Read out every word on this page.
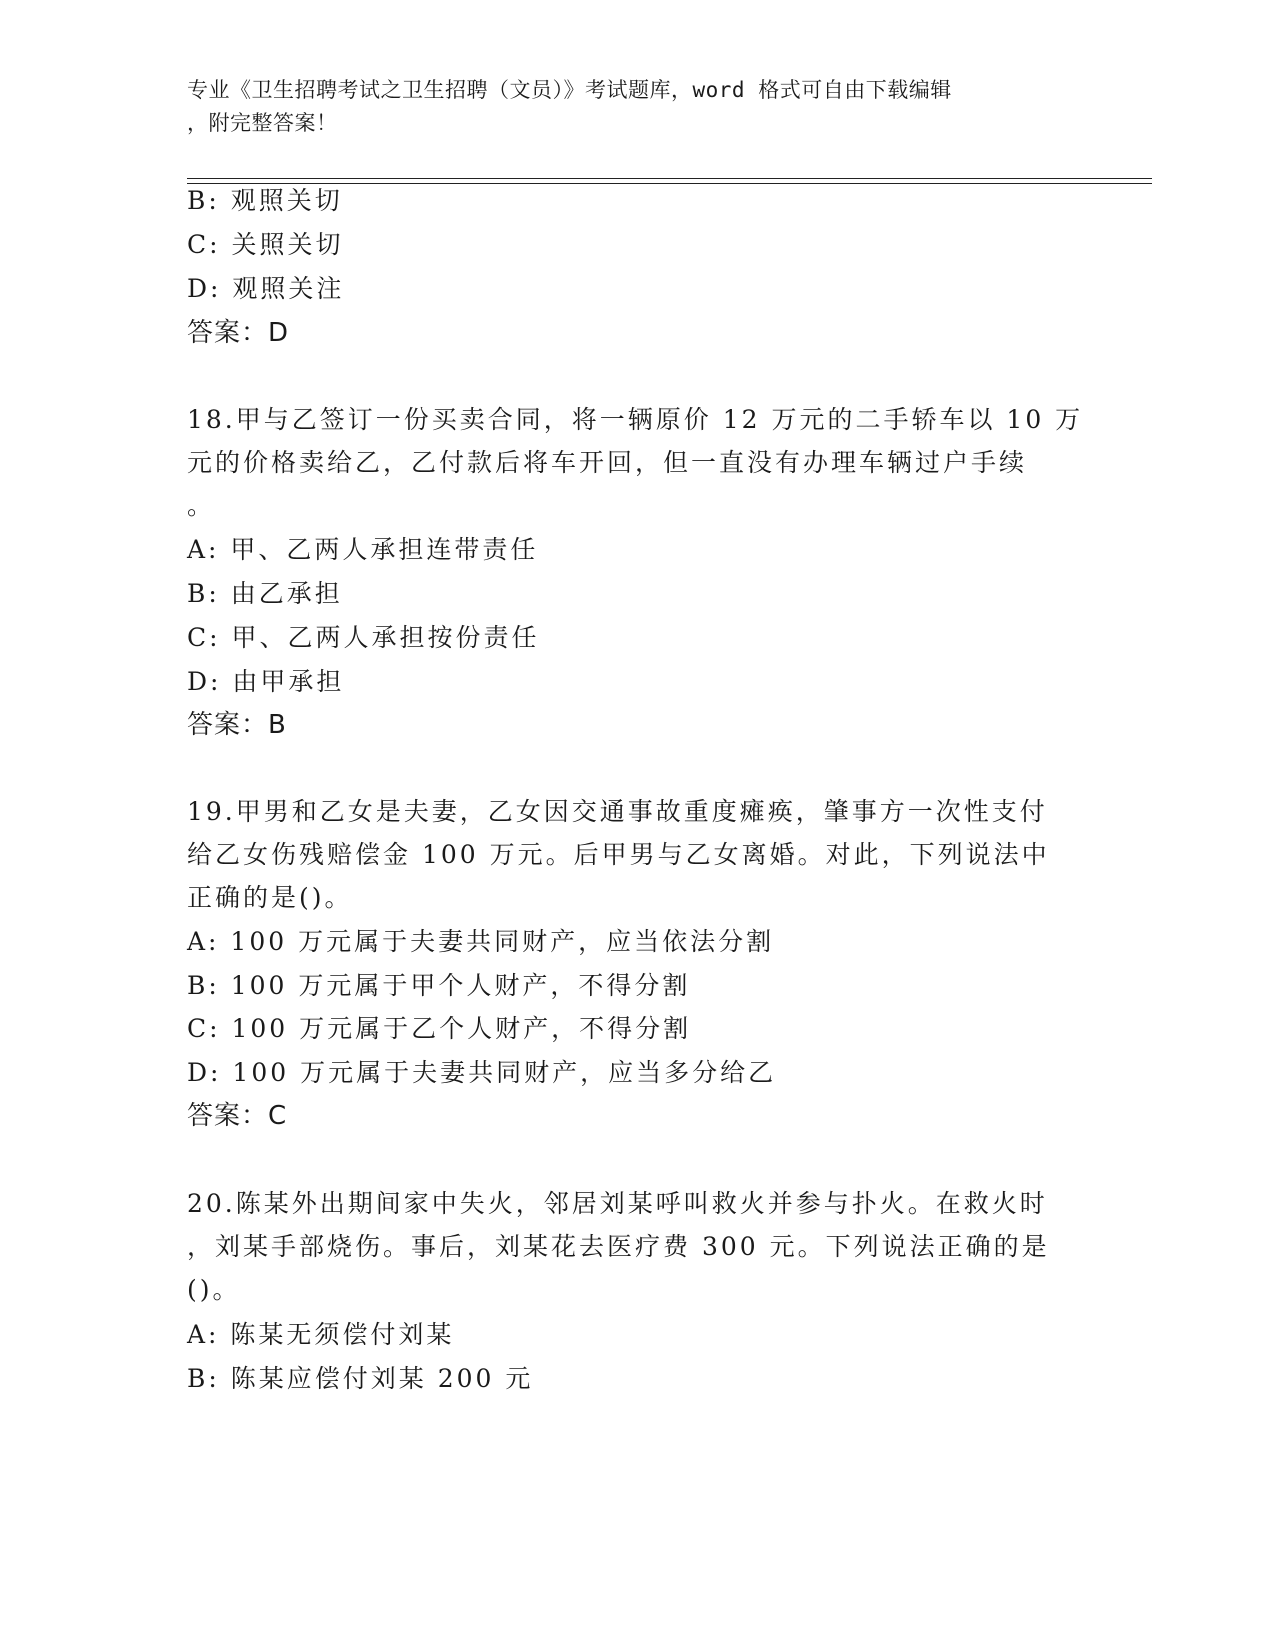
专业《卫生招聘考试之卫生招聘（文员）》考试题库，word 格式可自由下载编辑
，附完整答案！
B: 观照关切
C: 关照关切
D: 观照关注
答案：D
18.甲与乙签订一份买卖合同，将一辆原价 12 万元的二手轿车以 10 万
元的价格卖给乙，乙付款后将车开回，但一直没有办理车辆过户手续
。
A: 甲、乙两人承担连带责任
B: 由乙承担
C: 甲、乙两人承担按份责任
D: 由甲承担
答案：B
19.甲男和乙女是夫妻，乙女因交通事故重度瘫痪，肇事方一次性支付
给乙女伤残赔偿金 100 万元。后甲男与乙女离婚。对此，下列说法中
正确的是()。
A: 100 万元属于夫妻共同财产，应当依法分割
B: 100 万元属于甲个人财产，不得分割
C: 100 万元属于乙个人财产，不得分割
D: 100 万元属于夫妻共同财产，应当多分给乙
答案：C
20.陈某外出期间家中失火，邻居刘某呼叫救火并参与扑火。在救火时
，刘某手部烧伤。事后，刘某花去医疗费 300 元。下列说法正确的是
()。
A: 陈某无须偿付刘某
B: 陈某应偿付刘某 200 元
